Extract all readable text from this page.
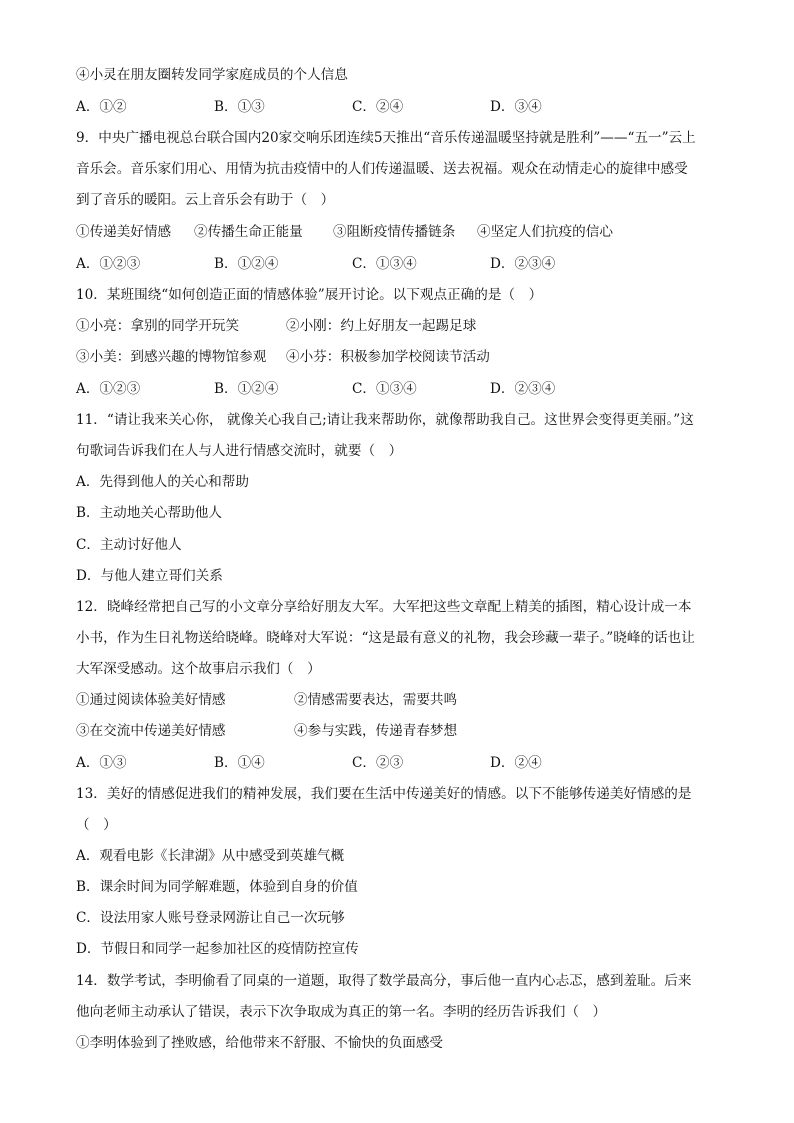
④小灵在朋友圈转发同学家庭成员的个人信息
A．①②	B．①③	C．②④	D．③④
9．中央广播电视总台联合国内20家交响乐团连续5天推出“音乐传递温暖坚持就是胜利”——“五一”云上
音乐会。音乐家们用心、用情为抗击疫情中的人们传递温暖、送去祝福。观众在动情走心的旋律中感受
到了音乐的暖阳。云上音乐会有助于（　）
①传递美好情感 ②传播生命正能量 ③阻断疫情传播链条 ④坚定人们抗疫的信心
A．①②③	B．①②④	C．①③④	D．②③④
10．某班围绕“如何创造正面的情感体验”展开讨论。以下观点正确的是（　）
①小亮：拿别的同学开玩笑	②小刚：约上好朋友一起踢足球
③小美：到感兴趣的博物馆参观 ④小芬：积极参加学校阅读节活动
A．①②③	B．①②④	C．①③④	D．②③④
11．“请让我来关心你， 就像关心我自己;请让我来帮助你，就像帮助我自己。这世界会变得更美丽。”这
句歌词告诉我们在人与人进行情感交流时，就要（　）
A．先得到他人的关心和帮助
B．主动地关心帮助他人
C．主动讨好他人
D．与他人建立哥们关系
12．晓峰经常把自己写的小文章分享给好朋友大军。大军把这些文章配上精美的插图，精心设计成一本
小书，作为生日礼物送给晓峰。晓峰对大军说：“这是最有意义的礼物，我会珍藏一辈子。”晓峰的话也让
大军深受感动。这个故事启示我们（　）
①通过阅读体验美好情感	②情感需要表达，需要共鸣
③在交流中传递美好情感	④参与实践，传递青春梦想
A．①③	B．①④	C．②③	D．②④
13．美好的情感促进我们的精神发展，我们要在生活中传递美好的情感。以下不能够传递美好情感的是
（　）
A．观看电影《长津湖》从中感受到英雄气概
B．课余时间为同学解难题，体验到自身的价值
C．设法用家人账号登录网游让自己一次玩够
D．节假日和同学一起参加社区的疫情防控宣传
14．数学考试，李明偷看了同桌的一道题，取得了数学最高分，事后他一直内心忐忑，感到羞耻。后来
他向老师主动承认了错误，表示下次争取成为真正的第一名。李明的经历告诉我们（　）
①李明体验到了挫败感，给他带来不舒服、不愉快的负面感受
